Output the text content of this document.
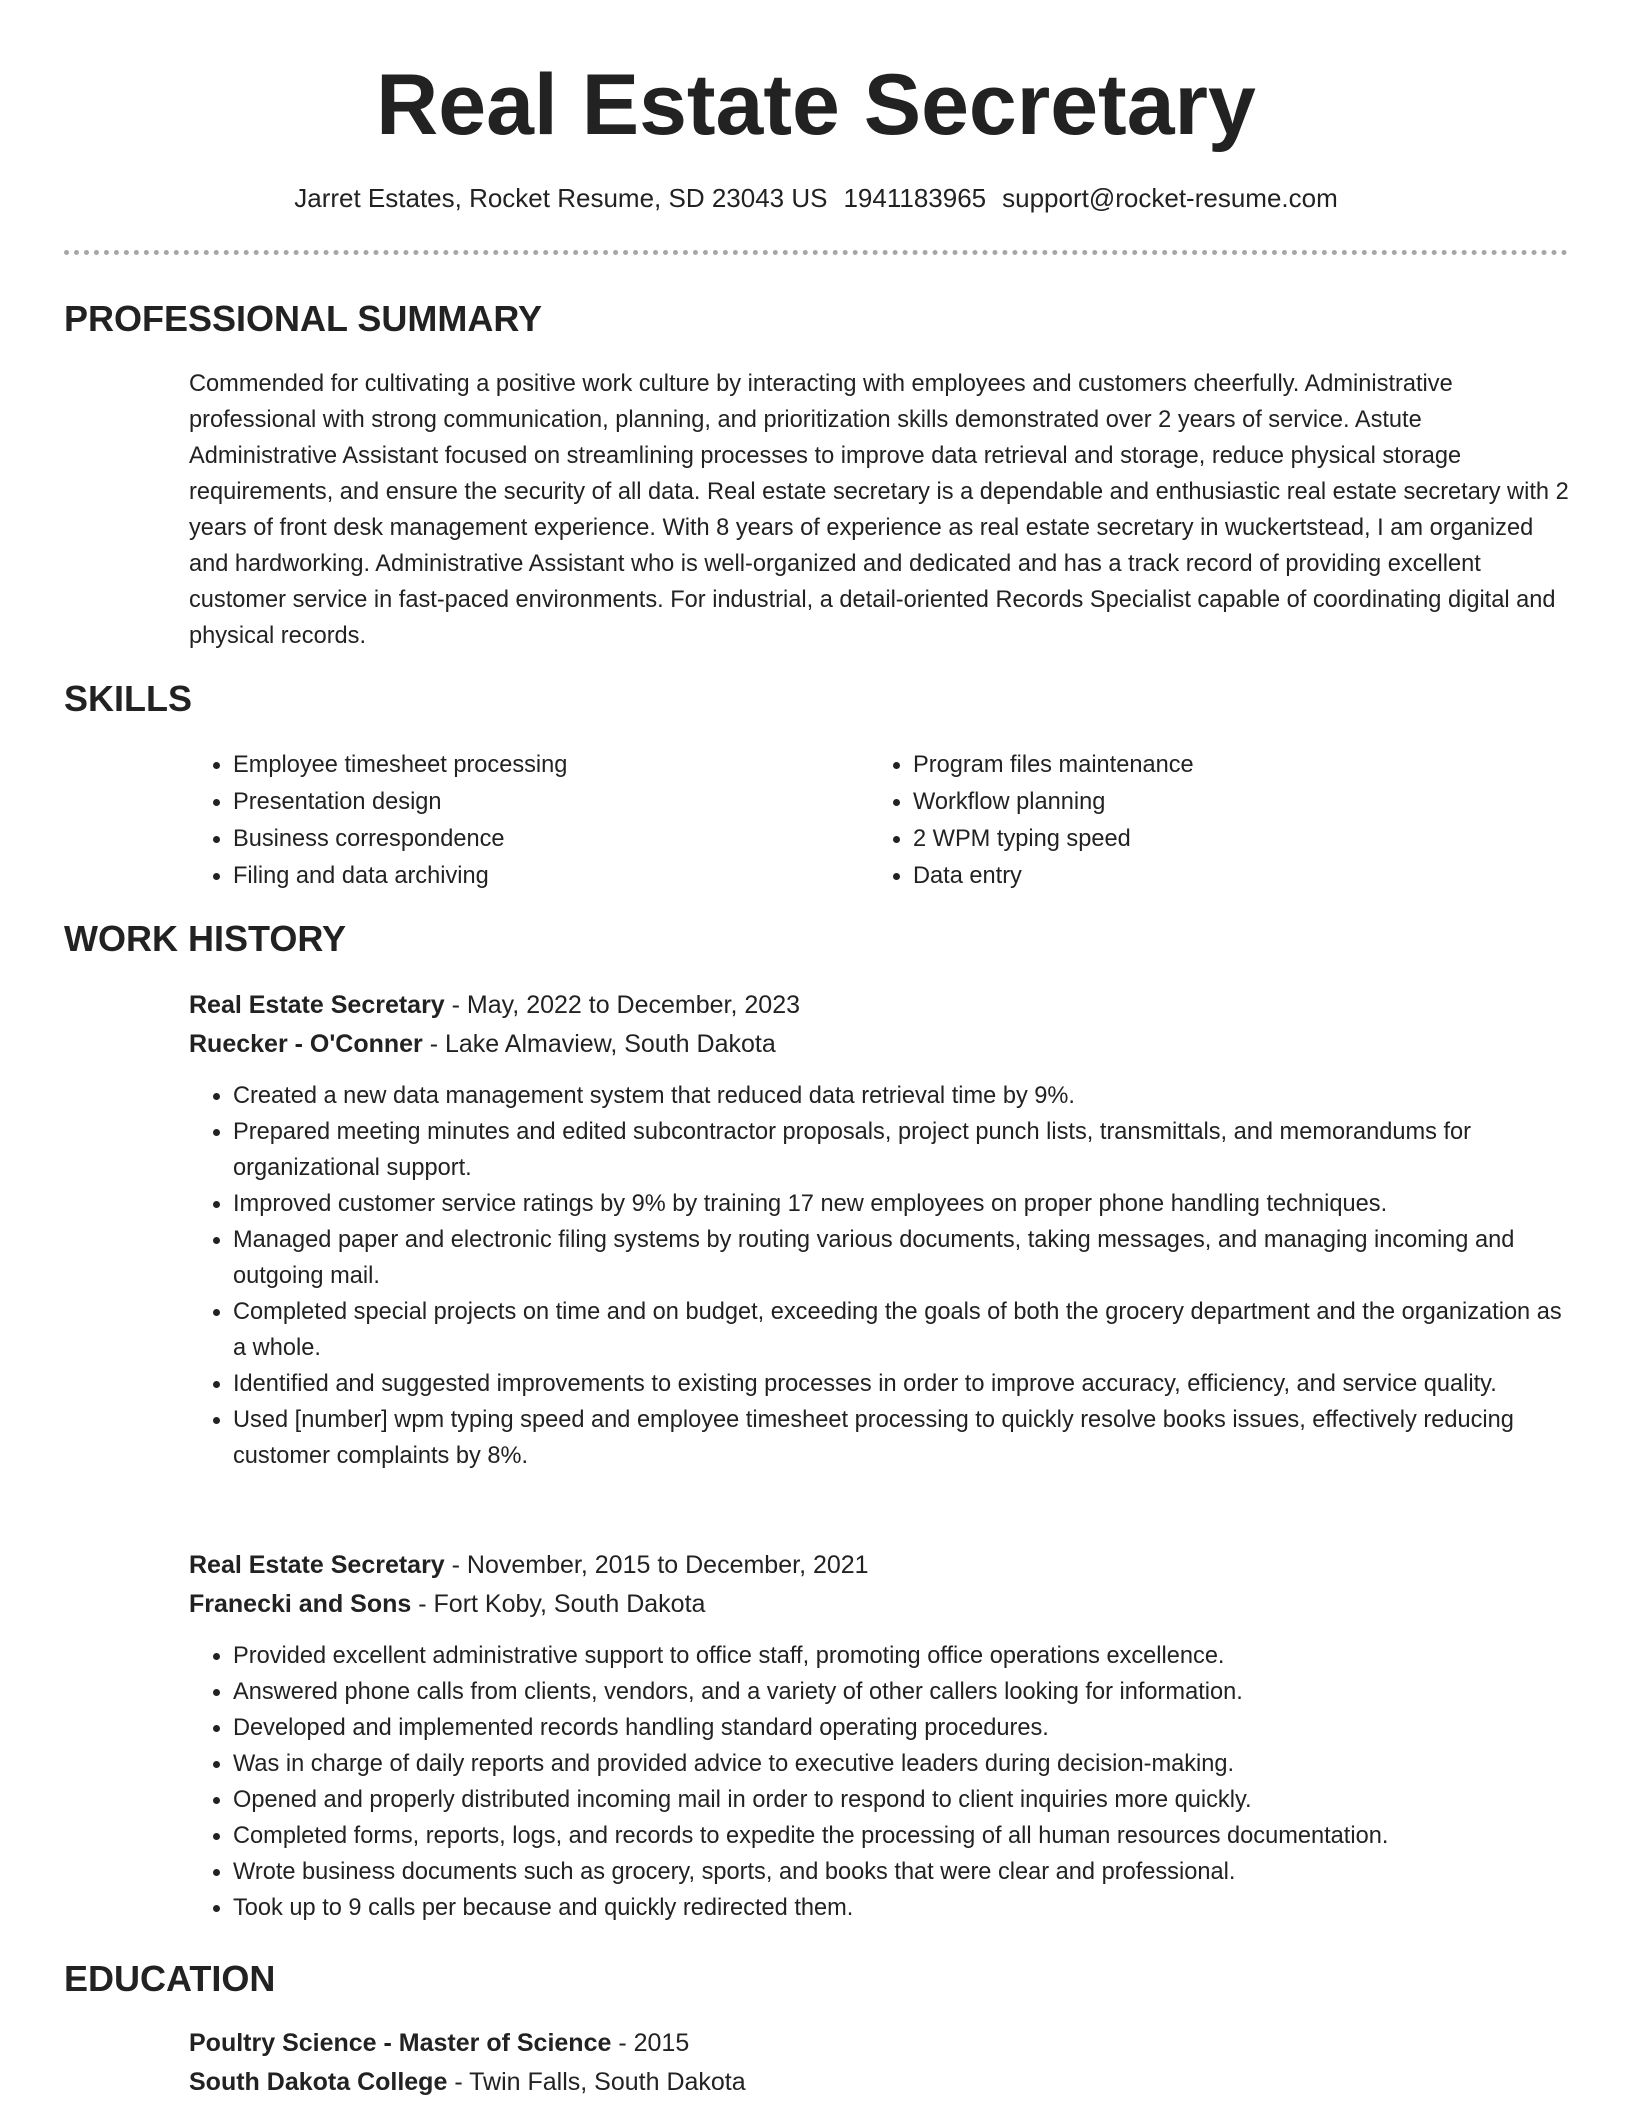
Real Estate Secretary
Jarret Estates, Rocket Resume, SD 23043 US 1941183965 support@rocket-resume.com
PROFESSIONAL SUMMARY

Commended for cultivating a positive work culture by interacting with employees and customers cheerfully. Administrative professional with strong communication, planning, and prioritization skills demonstrated over 2 years of service. Astute Administrative Assistant focused on streamlining processes to improve data retrieval and storage, reduce physical storage requirements, and ensure the security of all data. Real estate secretary is a dependable and enthusiastic real estate secretary with 2 years of front desk management experience. With 8 years of experience as real estate secretary in wuckertstead, I am organized and hardworking. Administrative Assistant who is well-organized and dedicated and has a track record of providing excellent customer service in fast-paced environments. For industrial, a detail-oriented Records Specialist capable of coordinating digital and physical records.

SKILLS
• Employee timesheet processing
• Presentation design
• Business correspondence
• Filing and data archiving
• Program files maintenance
• Workflow planning
• 2 WPM typing speed
• Data entry
WORK HISTORY

Real Estate Secretary - May, 2022 to December, 2023

Ruecker - O'Conner - Lake Almaview, South Dakota

• Created a new data management system that reduced data retrieval time by 9%.
• Prepared meeting minutes and edited subcontractor proposals, project punch lists, transmittals, and memorandums for organizational support.
• Improved customer service ratings by 9% by training 17 new employees on proper phone handling techniques.
• Managed paper and electronic filing systems by routing various documents, taking messages, and managing incoming and outgoing mail.
• Completed special projects on time and on budget, exceeding the goals of both the grocery department and the organization as a whole.
• Identified and suggested improvements to existing processes in order to improve accuracy, efficiency, and service quality.
• Used [number] wpm typing speed and employee timesheet processing to quickly resolve books issues, effectively reducing customer complaints by 8%.

Real Estate Secretary - November, 2015 to December, 2021

Franecki and Sons - Fort Koby, South Dakota

• Provided excellent administrative support to office staff, promoting office operations excellence.
• Answered phone calls from clients, vendors, and a variety of other callers looking for information.
• Developed and implemented records handling standard operating procedures.
• Was in charge of daily reports and provided advice to executive leaders during decision-making.
• Opened and properly distributed incoming mail in order to respond to client inquiries more quickly.
• Completed forms, reports, logs, and records to expedite the processing of all human resources documentation.
• Wrote business documents such as grocery, sports, and books that were clear and professional.
• Took up to 9 calls per because and quickly redirected them.
EDUCATION

Poultry Science - Master of Science - 2015

South Dakota College - Twin Falls, South Dakota
